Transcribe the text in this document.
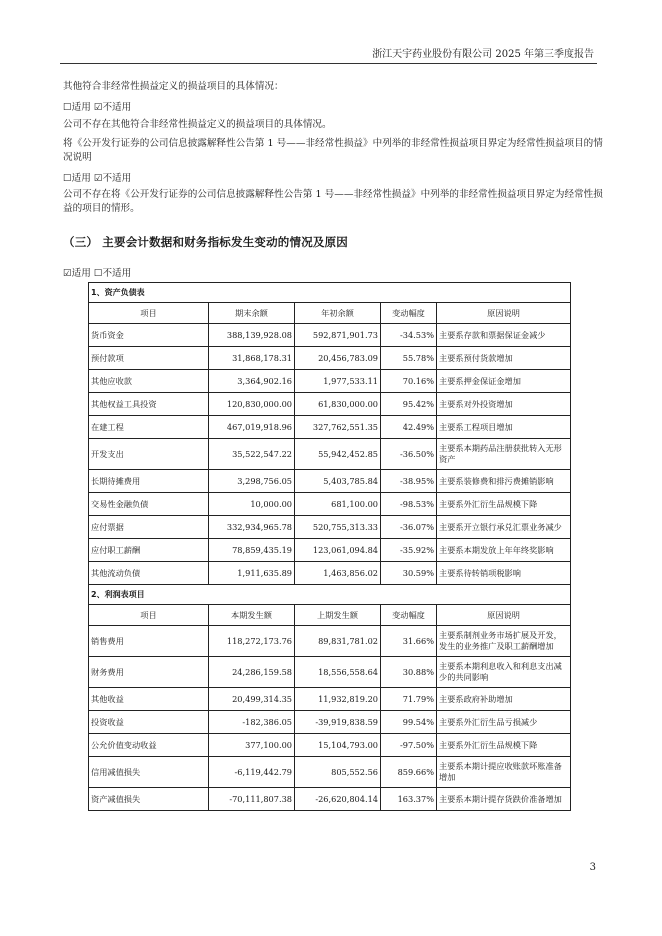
浙江天宇药业股份有限公司 2025 年第三季度报告
其他符合非经常性损益定义的损益项目的具体情况：
☐适用 ☑不适用
公司不存在其他符合非经常性损益定义的损益项目的具体情况。
将《公开发行证券的公司信息披露解释性公告第 1 号——非经常性损益》中列举的非经常性损益项目界定为经常性损益项目的情况说明
☐适用 ☑不适用
公司不存在将《公开发行证券的公司信息披露解释性公告第 1 号——非经常性损益》中列举的非经常性损益项目界定为经常性损益的项目的情形。
（三） 主要会计数据和财务指标发生变动的情况及原因
☑适用 ☐不适用
1、资产负债表				
项目	期末余额	年初余额	变动幅度	原因说明
货币资金	388,139,928.08	592,871,901.73	-34.53%	主要系存款和票据保证金减少
预付款项	31,868,178.31	20,456,783.09	55.78%	主要系预付货款增加
其他应收款	3,364,902.16	1,977,533.11	70.16%	主要系押金保证金增加
其他权益工具投资	120,830,000.00	61,830,000.00	95.42%	主要系对外投资增加
在建工程	467,019,918.96	327,762,551.35	42.49%	主要系工程项目增加
开发支出	35,522,547.22	55,942,452.85	-36.50%	主要系本期药品注册获批转入无形资产
长期待摊费用	3,298,756.05	5,403,785.84	-38.95%	主要系装修费和排污费摊销影响
交易性金融负债	10,000.00	681,100.00	-98.53%	主要系外汇衍生品规模下降
应付票据	332,934,965.78	520,755,313.33	-36.07%	主要系开立银行承兑汇票业务减少
应付职工薪酬	78,859,435.19	123,061,094.84	-35.92%	主要系本期发放上年年终奖影响
其他流动负债	1,911,635.89	1,463,856.02	30.59%	主要系待转销项税影响
2、利润表项目				
项目	本期发生额	上期发生额	变动幅度	原因说明
销售费用	118,272,173.76	89,831,781.02	31.66%	主要系制剂业务市场扩展及开发，发生的业务推广及职工薪酬增加
财务费用	24,286,159.58	18,556,558.64	30.88%	主要系本期利息收入和利息支出减少的共同影响
其他收益	20,499,314.35	11,932,819.20	71.79%	主要系政府补助增加
投资收益	-182,386.05	-39,919,838.59	99.54%	主要系外汇衍生品亏损减少
公允价值变动收益	377,100.00	15,104,793.00	-97.50%	主要系外汇衍生品规模下降
信用减值损失	-6,119,442.79	805,552.56	859.66%	主要系本期计提应收账款坏账准备增加
资产减值损失	-70,111,807.38	-26,620,804.14	163.37%	主要系本期计提存货跌价准备增加
3
